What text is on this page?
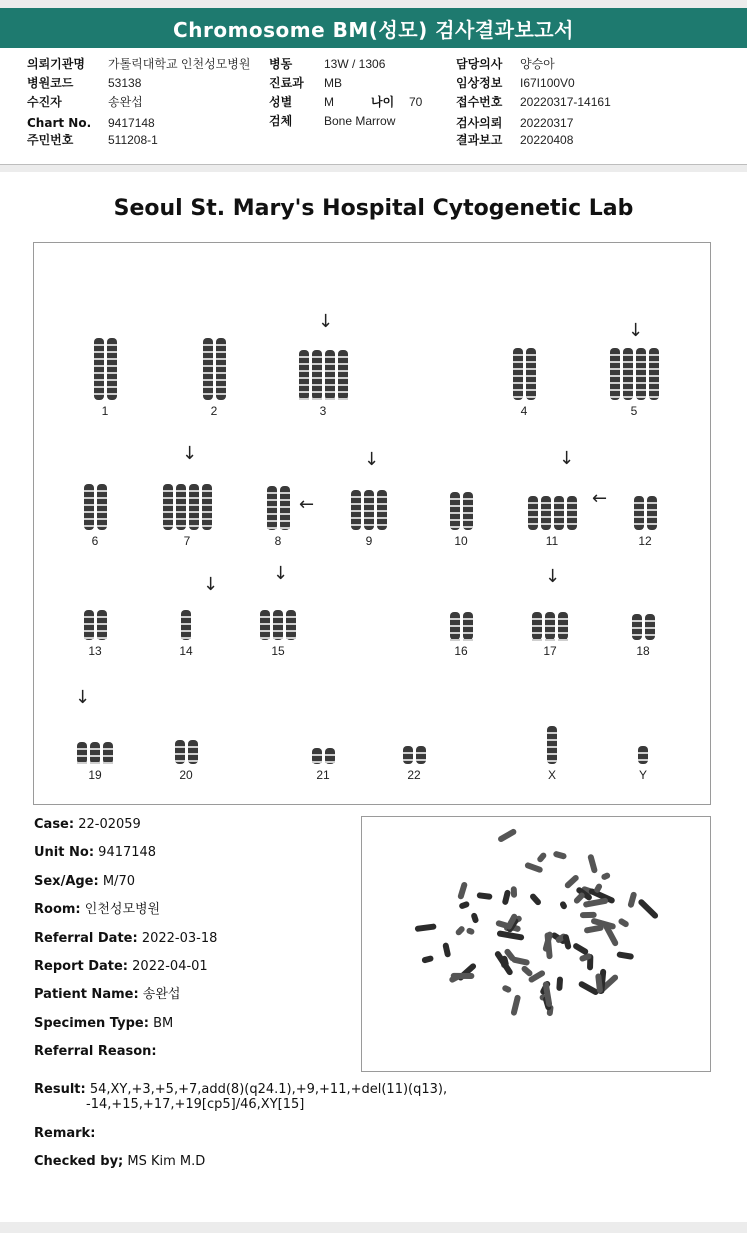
Chromosome BM(성모) 검사결과보고서
의뢰기관명 가톨릭대학교 인천성모병원
병원코드	53138
수진자	송완섭
Chart No. 9417148
주민번호	511208-1
병동	13W / 1306
진료과 MB
성별	M	나이 70
검체	Bone Marrow
담당의사 양승아
임상정보 I67I100V0
접수번호 20220317-14161
검사의뢰 20220317
결과보고 20220408
Seoul St. Mary's Hospital Cytogenetic Lab
1	2	3	4	5
6	7	8	9	10	11	12
13	14	15	16	17	18
19	20	21	22	X	Y
↓	↓
↓	↓	↓
↓
↓
↓
↓
←	←
Case: 22-02059
Unit No: 9417148
Sex/Age: M/70
Room: 인천성모병원
Referral Date: 2022-03-18
Report Date: 2022-04-01
Patient Name: 송완섭
Specimen Type: BM
Referral Reason:
Result: 54,XY,+3,+5,+7,add(8)(q24.1),+9,+11,+del(11)(q13),
-14,+15,+17,+19[cp5]/46,XY[15]
Remark:
Checked by; MS Kim M.D
